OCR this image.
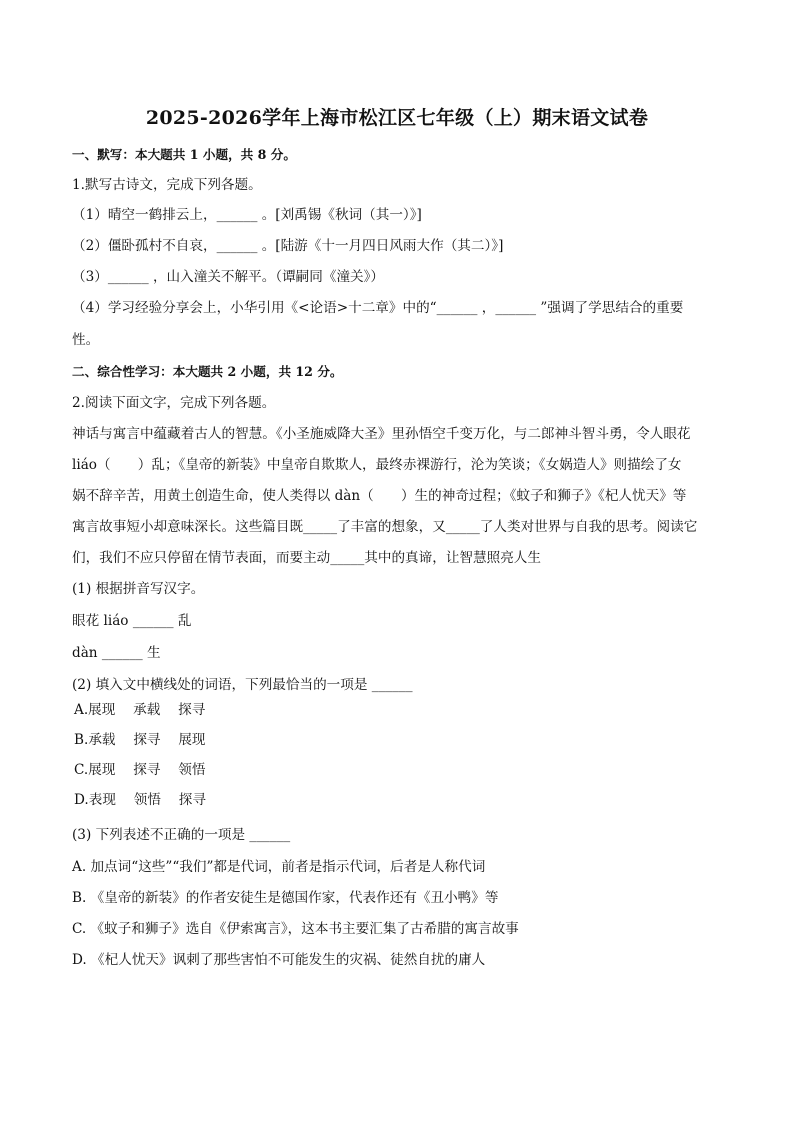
2025-2026学年上海市松江区七年级（上）期末语文试卷
一、默写：本大题共 1 小题，共 8 分。
1.默写古诗文，完成下列各题。
（1）晴空一鹤排云上，______ 。[刘禹锡《秋词（其一）》]
（2）僵卧孤村不自哀，______ 。[陆游《十一月四日风雨大作（其二）》]
（3）______ ，山入潼关不解平。（谭嗣同《潼关》）
（4）学习经验分享会上，小华引用《<论语>十二章》中的“______ ，______ ”强调了学思结合的重要
性。
二、综合性学习：本大题共 2 小题，共 12 分。
2.阅读下面文字，完成下列各题。
神话与寓言中蕴藏着古人的智慧。《小圣施威降大圣》里孙悟空千变万化，与二郎神斗智斗勇，令人眼花
liáo（　　）乱；《皇帝的新装》中皇帝自欺欺人，最终赤裸游行，沦为笑谈；《女娲造人》则描绘了女
娲不辞辛苦，用黄土创造生命，使人类得以 dàn（　　）生的神奇过程；《蚊子和狮子》《杞人忧天》等
寓言故事短小却意味深长。这些篇目既_____了丰富的想象，又_____了人类对世界与自我的思考。阅读它
们，我们不应只停留在情节表面，而要主动_____其中的真谛，让智慧照亮人生
(1) 根据拼音写汉字。
眼花 liáo ______ 乱
dàn ______ 生
(2) 填入文中横线处的词语，下列最恰当的一项是 ______
A.展现 承载 探寻
B.承载 探寻 展现
C.展现 探寻 领悟
D.表现 领悟 探寻
(3) 下列表述不正确的一项是 ______
A. 加点词“这些”“我们”都是代词，前者是指示代词，后者是人称代词
B. 《皇帝的新装》的作者安徒生是德国作家，代表作还有《丑小鸭》等
C. 《蚊子和狮子》选自《伊索寓言》，这本书主要汇集了古希腊的寓言故事
D. 《杞人忧天》讽刺了那些害怕不可能发生的灾祸、徒然自扰的庸人
